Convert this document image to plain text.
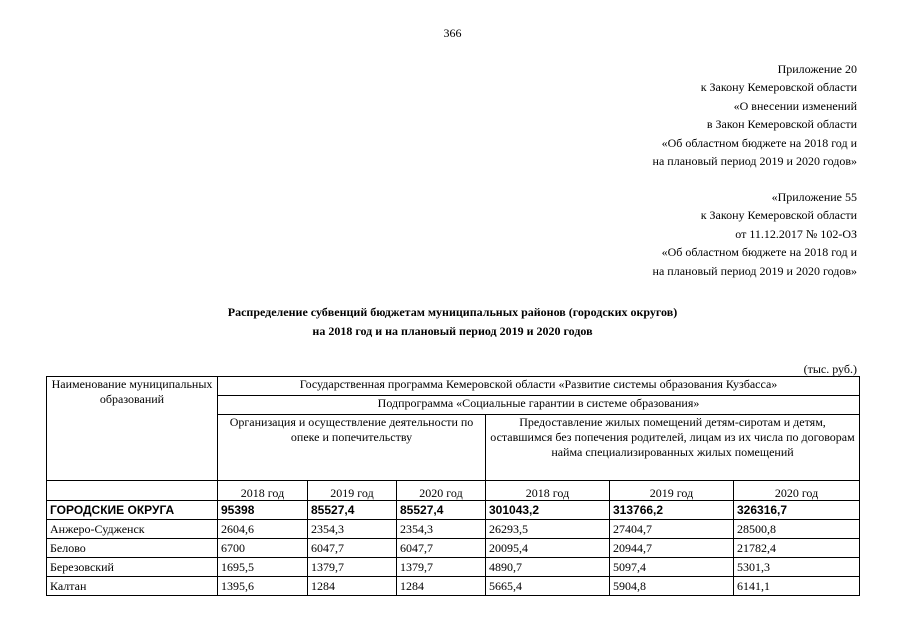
366
Приложение 20
к Закону Кемеровской области
«О внесении изменений
в Закон Кемеровской области
«Об областном бюджете на 2018 год и
на плановый период 2019 и 2020 годов»
«Приложение 55
к Закону Кемеровской области
от 11.12.2017 № 102-ОЗ
«Об областном бюджете на 2018 год и
на плановый период 2019 и 2020 годов»
Распределение субвенций бюджетам муниципальных районов (городских округов)
на 2018 год и на плановый период 2019 и 2020 годов
(тыс. руб.)
Наименование муниципальных образований	Государственная программа Кемеровской области «Развитие системы образования Кузбасса»					
	Подпрограмма «Социальные гарантии в системе образования»					
	Организация и осуществление деятельности по опеке и попечительству			Предоставление жилых помещений детям-сиротам и детям, оставшимся без попечения родителей, лицам из их числа по договорам найма специализированных жилых помещений		
	2018 год	2019 год	2020 год	2018 год	2019 год	2020 год
ГОРОДСКИЕ ОКРУГА	95398	85527,4	85527,4	301043,2	313766,2	326316,7
Анжеро-Судженск	2604,6	2354,3	2354,3	26293,5	27404,7	28500,8
Белово	6700	6047,7	6047,7	20095,4	20944,7	21782,4
Березовский	1695,5	1379,7	1379,7	4890,7	5097,4	5301,3
Калтан	1395,6	1284	1284	5665,4	5904,8	6141,1
